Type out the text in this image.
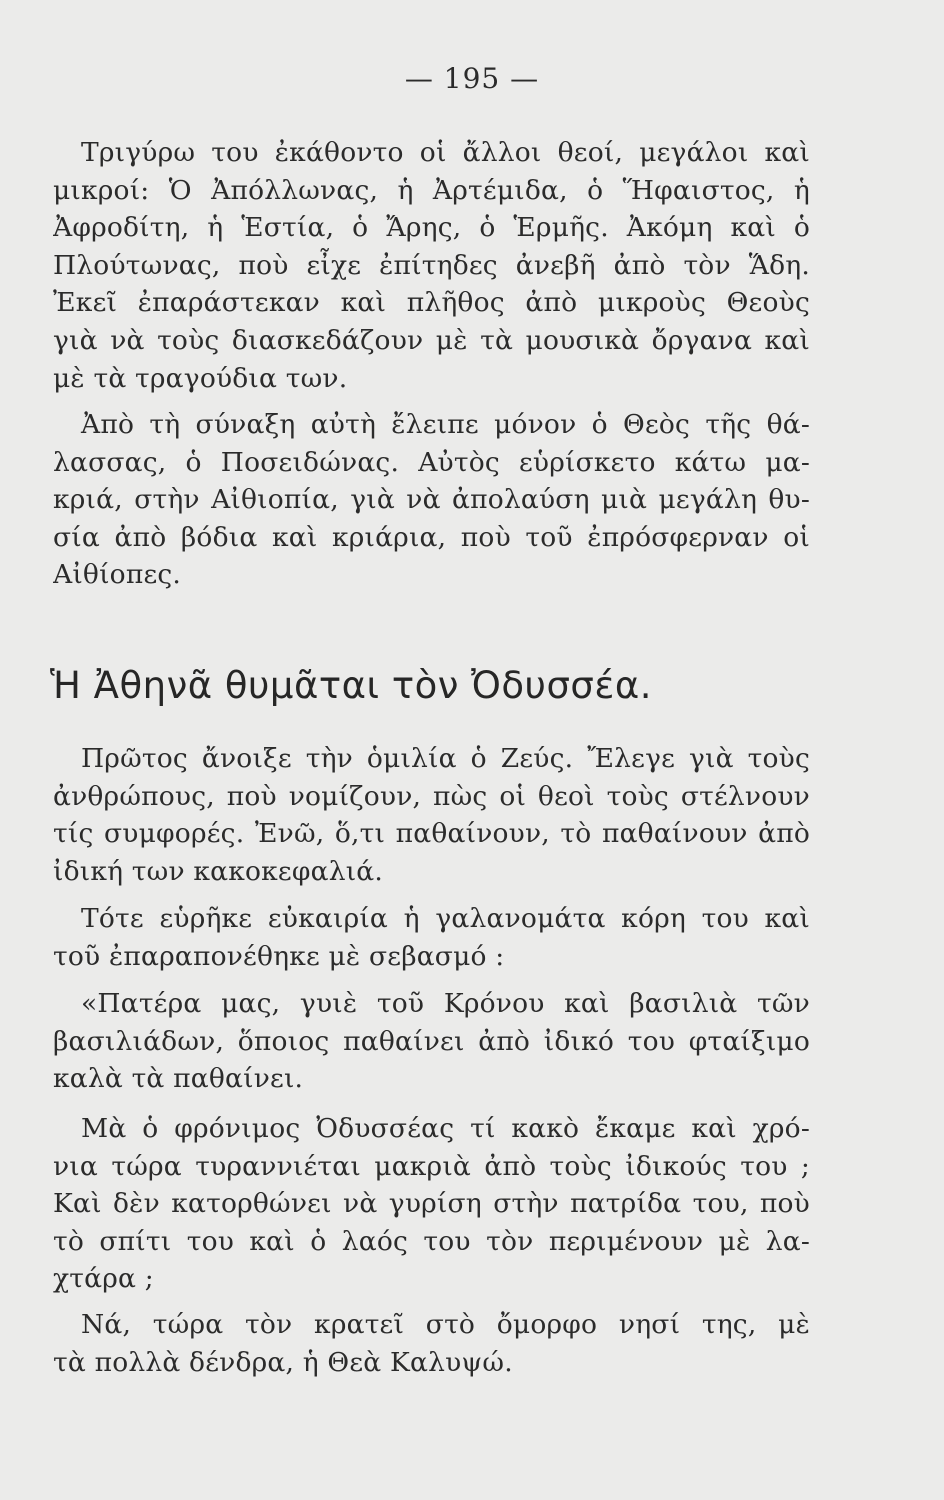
— 195 —
Τριγύρω του ἐκάθοντο οἱ ἄλλοι θεοί, μεγάλοι καὶ
μικροί: Ὁ Ἀπόλλωνας, ἡ Ἀρτέμιδα, ὁ Ἥφαιστος, ἡ
Ἀφροδίτη, ἡ Ἑστία, ὁ Ἄρης, ὁ Ἑρμῆς. Ἀκόμη καὶ ὁ
Πλούτωνας, ποὺ εἶχε ἐπίτηδες ἀνεβῆ ἀπὸ τὸν Ἅδη.
Ἐκεῖ ἐπαράστεκαν καὶ πλῆθος ἀπὸ μικροὺς Θεοὺς
γιὰ νὰ τοὺς διασκεδάζουν μὲ τὰ μουσικὰ ὄργανα καὶ
μὲ τὰ τραγούδια των.
Ἀπὸ τὴ σύναξη αὐτὴ ἔλειπε μόνον ὁ Θεὸς τῆς θά-
λασσας, ὁ Ποσειδώνας. Αὐτὸς εὑρίσκετο κάτω μα-
κριά, στὴν Αἰθιοπία, γιὰ νὰ ἀπολαύση μιὰ μεγάλη θυ-
σία ἀπὸ βόδια καὶ κριάρια, ποὺ τοῦ ἐπρόσφερναν οἱ
Αἰθίοπες.
Ἡ Ἀθηνᾶ θυμᾶται τὸν Ὀδυσσέα.
Πρῶτος ἄνοιξε τὴν ὁμιλία ὁ Ζεύς. Ἔλεγε γιὰ τοὺς
ἀνθρώπους, ποὺ νομίζουν, πὼς οἱ θεοὶ τοὺς στέλνουν
τίς συμφορές. Ἐνῶ, ὅ,τι παθαίνουν, τὸ παθαίνουν ἀπὸ
ἰδική των κακοκεφαλιά.
Τότε εὑρῆκε εὐκαιρία ἡ γαλανομάτα κόρη του καὶ
τοῦ ἐπαραπονέθηκε μὲ σεβασμό :
«Πατέρα μας, γυιὲ τοῦ Κρόνου καὶ βασιλιὰ τῶν
βασιλιάδων, ὅποιος παθαίνει ἀπὸ ἰδικό του φταίξιμο
καλὰ τὰ παθαίνει.
Μὰ ὁ φρόνιμος Ὀδυσσέας τί κακὸ ἔκαμε καὶ χρό-
νια τώρα τυραννιέται μακριὰ ἀπὸ τοὺς ἰδικούς του ;
Καὶ δὲν κατορθώνει νὰ γυρίση στὴν πατρίδα του, ποὺ
τὸ σπίτι του καὶ ὁ λαός του τὸν περιμένουν μὲ λα-
χτάρα ;
Νά, τώρα τὸν κρατεῖ στὸ ὄμορφο νησί της, μὲ
τὰ πολλὰ δένδρα, ἡ Θεὰ Καλυψώ.
